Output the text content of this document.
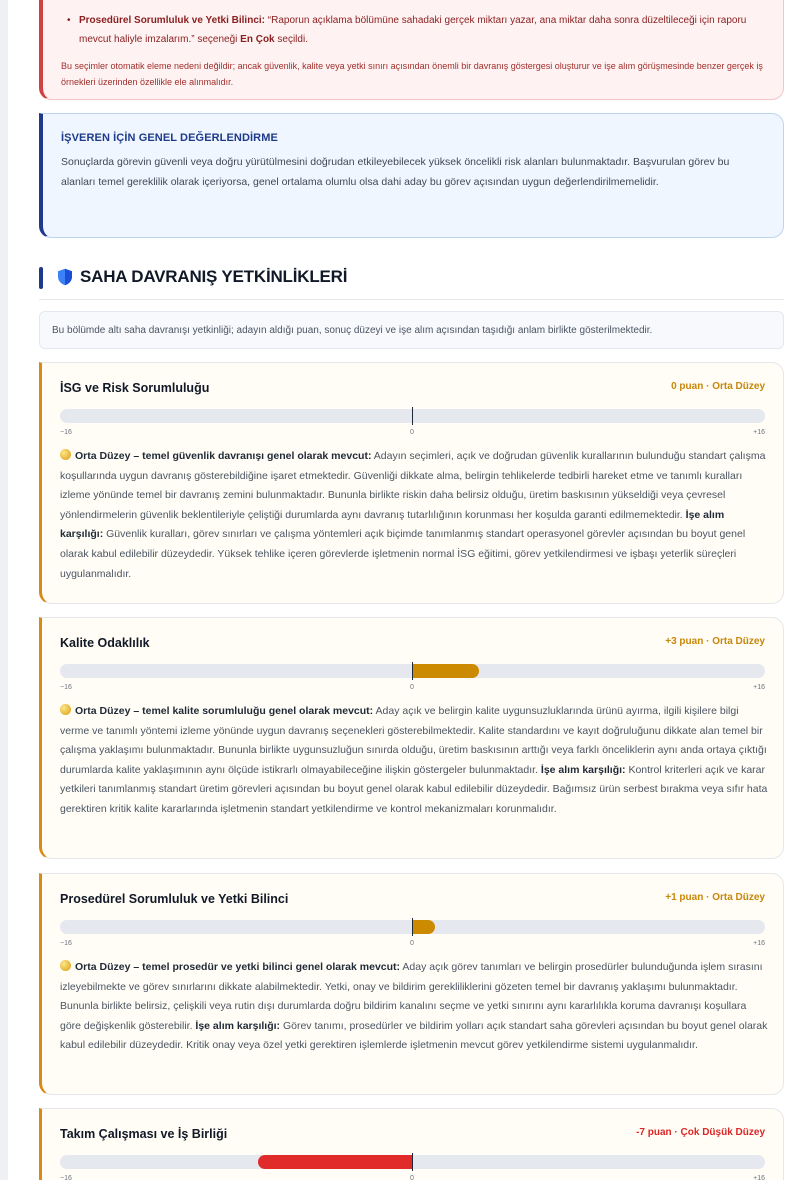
• Prosedürel Sorumluluk ve Yetki Bilinci: “Raporun açıklama bölümüne sahadaki gerçek miktarı yazar, ana miktar daha sonra düzeltileceği için raporu mevcut haliyle imzalarım.” seçeneği En Çok seçildi.

Bu seçimler otomatik eleme nedeni değildir; ancak güvenlik, kalite veya yetki sınırı açısından önemli bir davranış göstergesi oluşturur ve işe alım görüşmesinde benzer gerçek iş örnekleri üzerinden özellikle ele alınmalıdır.

İŞVEREN İÇİN GENEL DEĞERLENDİRME

Sonuçlarda görevin güvenli veya doğru yürütülmesini doğrudan etkileyebilecek yüksek öncelikli risk alanları bulunmaktadır. Başvurulan görev bu alanları temel gereklilik olarak içeriyorsa, genel ortalama olumlu olsa dahi aday bu görev açısından uygun değerlendirilmemelidir.

SAHA DAVRANIŞ YETKİNLİKLERİ
Bu bölümde altı saha davranışı yetkinliği; adayın aldığı puan, sonuç düzeyi ve işe alım açısından taşıdığı anlam birlikte gösterilmektedir.
İSG ve Risk Sorumluluğu	0 puan · Orta Düzey
−16	0	+16
Orta Düzey – temel güvenlik davranışı genel olarak mevcut: Adayın seçimleri, açık ve doğrudan güvenlik kurallarının bulunduğu standart çalışma koşullarında uygun davranış gösterebildiğine işaret etmektedir. Güvenliği dikkate alma, belirgin tehlikelerde tedbirli hareket etme ve tanımlı kuralları izleme yönünde temel bir davranış zemini bulunmaktadır. Bununla birlikte riskin daha belirsiz olduğu, üretim baskısının yükseldiği veya çevresel yönlendirmelerin güvenlik beklentileriyle çeliştiği durumlarda aynı davranış tutarlılığının korunması her koşulda garanti edilmemektedir. İşe alım karşılığı: Güvenlik kuralları, görev sınırları ve çalışma yöntemleri açık biçimde tanımlanmış standart operasyonel görevler açısından bu boyut genel olarak kabul edilebilir düzeydedir. Yüksek tehlike içeren görevlerde işletmenin normal İSG eğitimi, görev yetkilendirmesi ve işbaşı yeterlik süreçleri uygulanmalıdır.
Kalite Odaklılık	+3 puan · Orta Düzey
−16	0	+16
Orta Düzey – temel kalite sorumluluğu genel olarak mevcut: Aday açık ve belirgin kalite uygunsuzluklarında ürünü ayırma, ilgili kişilere bilgi verme ve tanımlı yöntemi izleme yönünde uygun davranış seçenekleri gösterebilmektedir. Kalite standardını ve kayıt doğruluğunu dikkate alan temel bir çalışma yaklaşımı bulunmaktadır. Bununla birlikte uygunsuzluğun sınırda olduğu, üretim baskısının arttığı veya farklı önceliklerin aynı anda ortaya çıktığı durumlarda kalite yaklaşımının aynı ölçüde istikrarlı olmayabileceğine ilişkin göstergeler bulunmaktadır. İşe alım karşılığı: Kontrol kriterleri açık ve karar yetkileri tanımlanmış standart üretim görevleri açısından bu boyut genel olarak kabul edilebilir düzeydedir. Bağımsız ürün serbest bırakma veya sıfır hata gerektiren kritik kalite kararlarında işletmenin standart yetkilendirme ve kontrol mekanizmaları korunmalıdır.
Prosedürel Sorumluluk ve Yetki Bilinci	+1 puan · Orta Düzey
−16	0	+16
Orta Düzey – temel prosedür ve yetki bilinci genel olarak mevcut: Aday açık görev tanımları ve belirgin prosedürler bulunduğunda işlem sırasını izleyebilmekte ve görev sınırlarını dikkate alabilmektedir. Yetki, onay ve bildirim gerekliliklerini gözeten temel bir davranış yaklaşımı bulunmaktadır. Bununla birlikte belirsiz, çelişkili veya rutin dışı durumlarda doğru bildirim kanalını seçme ve yetki sınırını aynı kararlılıkla koruma davranışı koşullara göre değişkenlik gösterebilir. İşe alım karşılığı: Görev tanımı, prosedürler ve bildirim yolları açık standart saha görevleri açısından bu boyut genel olarak kabul edilebilir düzeydedir. Kritik onay veya özel yetki gerektiren işlemlerde işletmenin mevcut görev yetkilendirme sistemi uygulanmalıdır.
Takım Çalışması ve İş Birliği	-7 puan · Çok Düşük Düzey
−16	0	+16
